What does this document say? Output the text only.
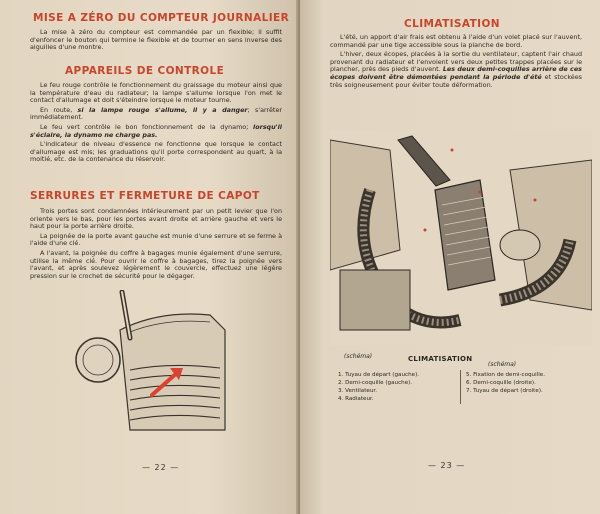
MISE A ZÉRO DU COMPTEUR JOURNALIER

La mise à zéro du compteur est commandée par un flexible; il suffit d'enfoncer le bouton qui termine le flexible et de tourner en sens inverse des aiguilles d'une montre.

APPAREILS DE CONTROLE

Le feu rouge contrôle le fonctionnement du graissage du moteur ainsi que la température d'eau du radiateur; la lampe s'allume lorsque l'on met le contact d'allumage et doit s'éteindre lorsque le moteur tourne.

En route, si la lampe rouge s'allume, il y a danger; s'arrêter immédiatement.

Le feu vert contrôle le bon fonctionnement de la dynamo; lorsqu'il s'éclaire, la dynamo ne charge pas.

L'indicateur de niveau d'essence ne fonctionne que lorsque le contact d'allumage est mis; les graduations qu'il porte correspondent au quart, à la moitié, etc. de la contenance du réservoir.

SERRURES ET FERMETURE DE CAPOT

Trois portes sont condamnées intérieurement par un petit levier que l'on oriente vers le bas, pour les portes avant droite et arrière gauche et vers le haut pour la porte arrière droite.

La poignée de la porte avant gauche est munie d'une serrure et se ferme à l'aide d'une clé.

A l'avant, la poignée du coffre à bagages munie également d'une serrure, utilise la même clé. Pour ouvrir le coffre à bagages, tirez la poignée vers l'avant, et après soulevez légèrement le couvercle, effectuez une légère pression sur le crochet de sécurité pour le dégager.

— 22 —
CLIMATISATION

L'été, un apport d'air frais est obtenu à l'aide d'un volet placé sur l'auvent, commandé par une tige accessible sous la planche de bord.

L'hiver, deux écopes, placées à la sortie du ventilateur, captent l'air chaud provenant du radiateur et l'envoient vers deux petites trappes placées sur le plancher, près des pieds d'auvent. Les deux demi-coquilles arrière de ces écopes doivent être démontées pendant la période d'été et stockées très soigneusement pour éviter toute déformation.

(schéma)
(schéma)
CLIMATISATION
1. Tuyau de départ (gauche).
2. Demi-coquille (gauche).
3. Ventilateur.
4. Radiateur.
5. Fixation de demi-coquille.
6. Demi-coquille (droite).
7. Tuyau de départ (droite).
— 23 —
